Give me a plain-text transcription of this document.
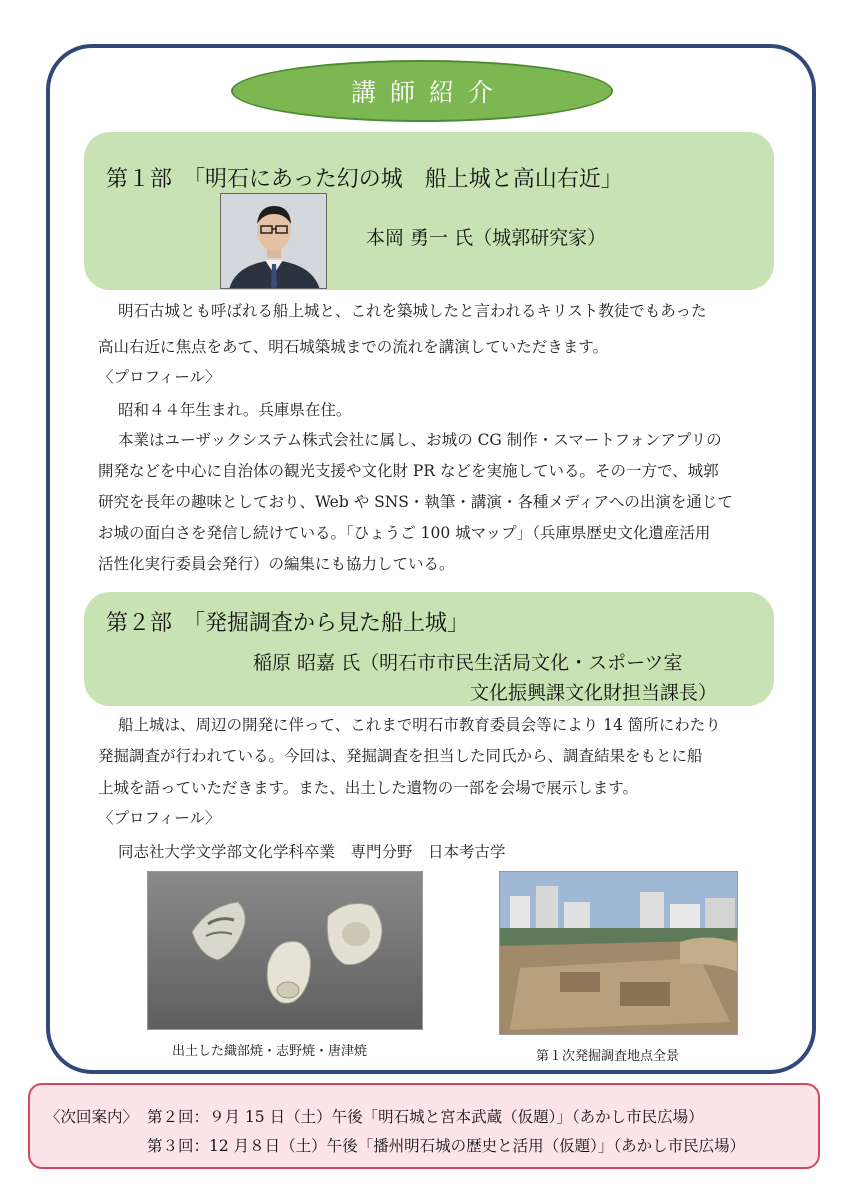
講師紹介
第１部　「明石にあった幻の城　船上城と高山右近」
本岡 勇一 氏（城郭研究家）
明石古城とも呼ばれる船上城と、これを築城したと言われるキリスト教徒でもあった
高山右近に焦点をあて、明石城築城までの流れを講演していただきます。
〈プロフィール〉
昭和４４年生まれ。兵庫県在住。
本業はユーザックシステム株式会社に属し、お城の CG 制作・スマートフォンアプリの
開発などを中心に自治体の観光支援や文化財 PR などを実施している。その一方で、城郭
研究を長年の趣味としており、Web や SNS・執筆・講演・各種メディアへの出演を通じて
お城の面白さを発信し続けている。「ひょうご 100 城マップ」（兵庫県歴史文化遺産活用
活性化実行委員会発行）の編集にも協力している。
第２部　「発掘調査から見た船上城」
稲原 昭嘉 氏（明石市市民生活局文化・スポーツ室
文化振興課文化財担当課長）
船上城は、周辺の開発に伴って、これまで明石市教育委員会等により 14 箇所にわたり
発掘調査が行われている。今回は、発掘調査を担当した同氏から、調査結果をもとに船
上城を語っていただきます。また、出土した遺物の一部を会場で展示します。
〈プロフィール〉
同志社大学文学部文化学科卒業　専門分野　日本考古学
出土した織部焼・志野焼・唐津焼	第１次発掘調査地点全景
〈次回案内〉 第２回：９月 15 日（土）午後「明石城と宮本武蔵（仮題）」（あかし市民広場）
第３回：12 月８日（土）午後「播州明石城の歴史と活用（仮題）」（あかし市民広場）
